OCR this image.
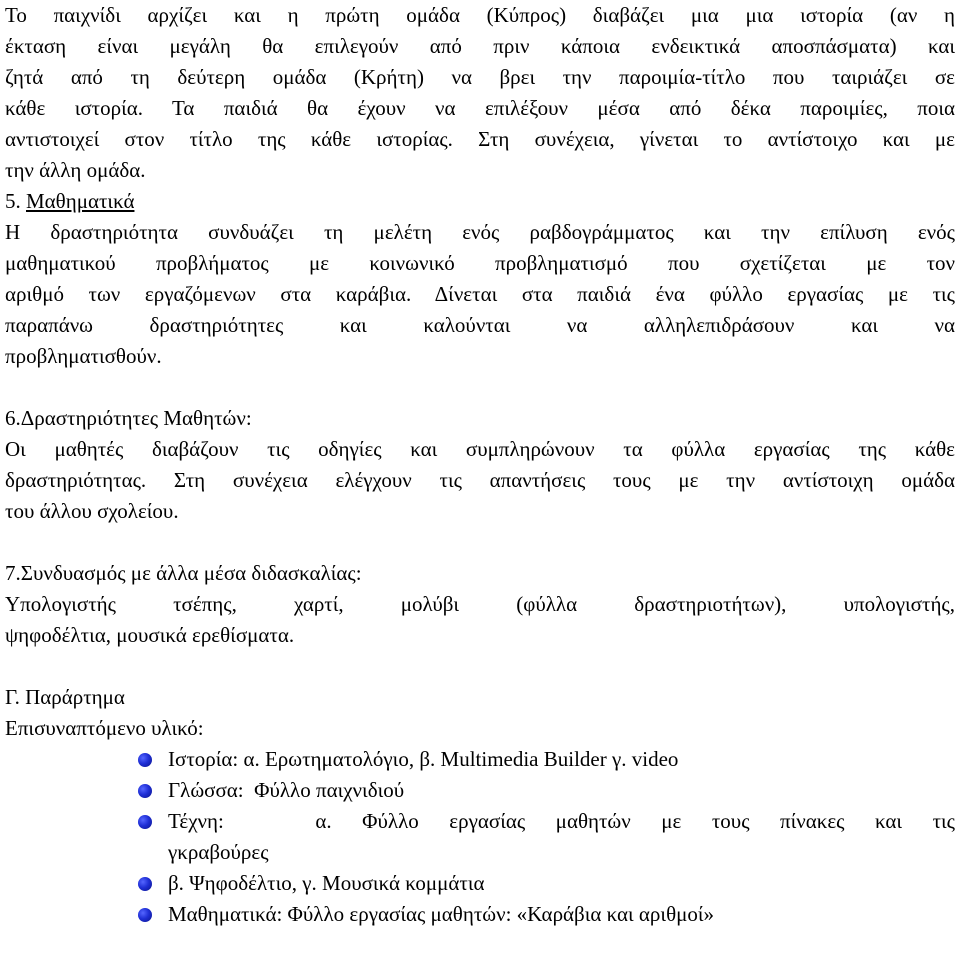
Το παιχνίδι αρχίζει και η πρώτη ομάδα (Κύπρος) διαβάζει μια μια ιστορία (αν η
έκταση είναι μεγάλη θα επιλεγούν από πριν κάποια ενδεικτικά αποσπάσματα) και
ζητά από τη δεύτερη ομάδα (Κρήτη) να βρει την παροιμία-τίτλο που ταιριάζει σε
κάθε ιστορία. Τα παιδιά θα έχουν να επιλέξουν μέσα από δέκα παροιμίες, ποια
αντιστοιχεί στον τίτλο της κάθε ιστορίας. Στη συνέχεια, γίνεται το αντίστοιχο και με
την άλλη ομάδα.
5. Μαθηματικά
Η δραστηριότητα συνδυάζει τη μελέτη ενός ραβδογράμματος και την επίλυση ενός
μαθηματικού προβλήματος με κοινωνικό προβληματισμό που σχετίζεται με τον
αριθμό των εργαζόμενων στα καράβια. Δίνεται στα παιδιά ένα φύλλο εργασίας με τις
παραπάνω δραστηριότητες και καλούνται να αλληλεπιδράσουν και να
προβληματισθούν.
6.Δραστηριότητες Μαθητών:
Οι μαθητές διαβάζουν τις οδηγίες και συμπληρώνουν τα φύλλα εργασίας της κάθε
δραστηριότητας. Στη συνέχεια ελέγχουν τις απαντήσεις τους με την αντίστοιχη ομάδα
του άλλου σχολείου.
7.Συνδυασμός με άλλα μέσα διδασκαλίας:
Υπολογιστής τσέπης, χαρτί, μολύβι (φύλλα δραστηριοτήτων), υπολογιστής,
ψηφοδέλτια, μουσικά ερεθίσματα.
Γ. Παράρτημα
Επισυναπτόμενο υλικό:
Ιστορία: α. Ερωτηματολόγιο, β. Multimedia Builder γ. video
Γλώσσα:  Φύλλο παιχνιδιού
Τέχνη:   α. Φύλλο εργασίας μαθητών με τους πίνακες και τις
γκραβούρες
β. Ψηφοδέλτιο, γ. Μουσικά κομμάτια
Μαθηματικά: Φύλλο εργασίας μαθητών: «Καράβια και αριθμοί»
